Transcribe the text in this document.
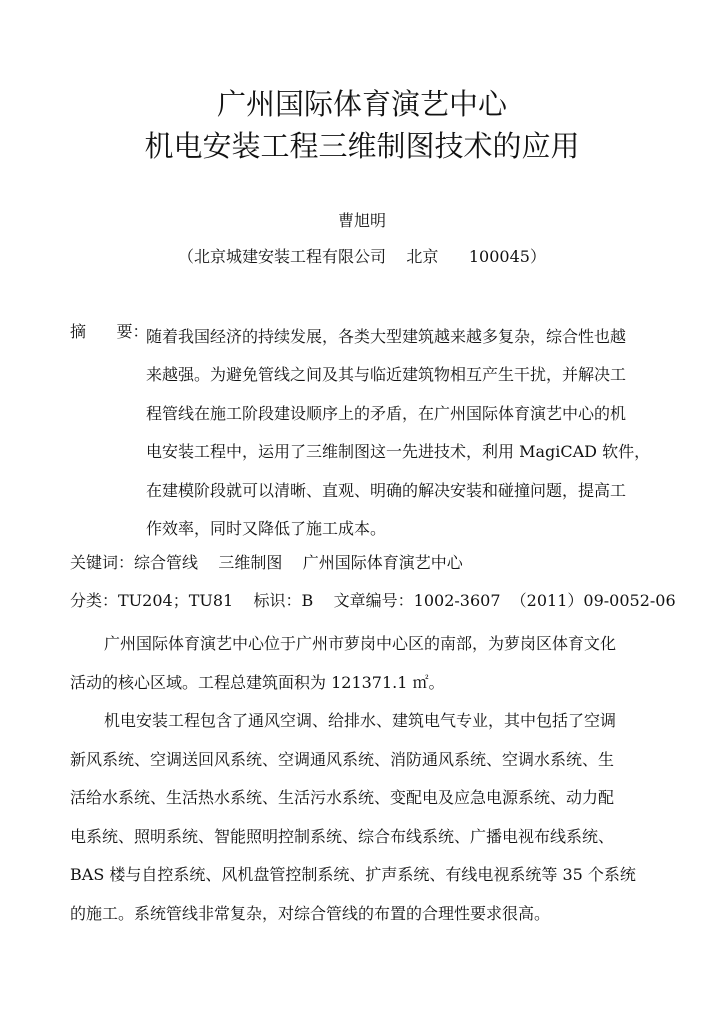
广州国际体育演艺中心
机电安装工程三维制图技术的应用
曹旭明
（北京城建安装工程有限公司    北京      100045）
摘      要：
随着我国经济的持续发展，各类大型建筑越来越多复杂，综合性也越
来越强。为避免管线之间及其与临近建筑物相互产生干扰，并解决工
程管线在施工阶段建设顺序上的矛盾，在广州国际体育演艺中心的机
电安装工程中，运用了三维制图这一先进技术，利用 MagiCAD 软件，
在建模阶段就可以清晰、直观、明确的解决安装和碰撞问题，提高工
作效率，同时又降低了施工成本。
关键词：综合管线    三维制图    广州国际体育演艺中心
分类：TU204；TU81    标识：B    文章编号：1002-3607  （2011）09-0052-06
广州国际体育演艺中心位于广州市萝岗中心区的南部，为萝岗区体育文化
活动的核心区域。工程总建筑面积为 121371.1 ㎡。
机电安装工程包含了通风空调、给排水、建筑电气专业，其中包括了空调
新风系统、空调送回风系统、空调通风系统、消防通风系统、空调水系统、生
活给水系统、生活热水系统、生活污水系统、变配电及应急电源系统、动力配
电系统、照明系统、智能照明控制系统、综合布线系统、广播电视布线系统、
BAS 楼与自控系统、风机盘管控制系统、扩声系统、有线电视系统等 35 个系统
的施工。系统管线非常复杂，对综合管线的布置的合理性要求很高。
